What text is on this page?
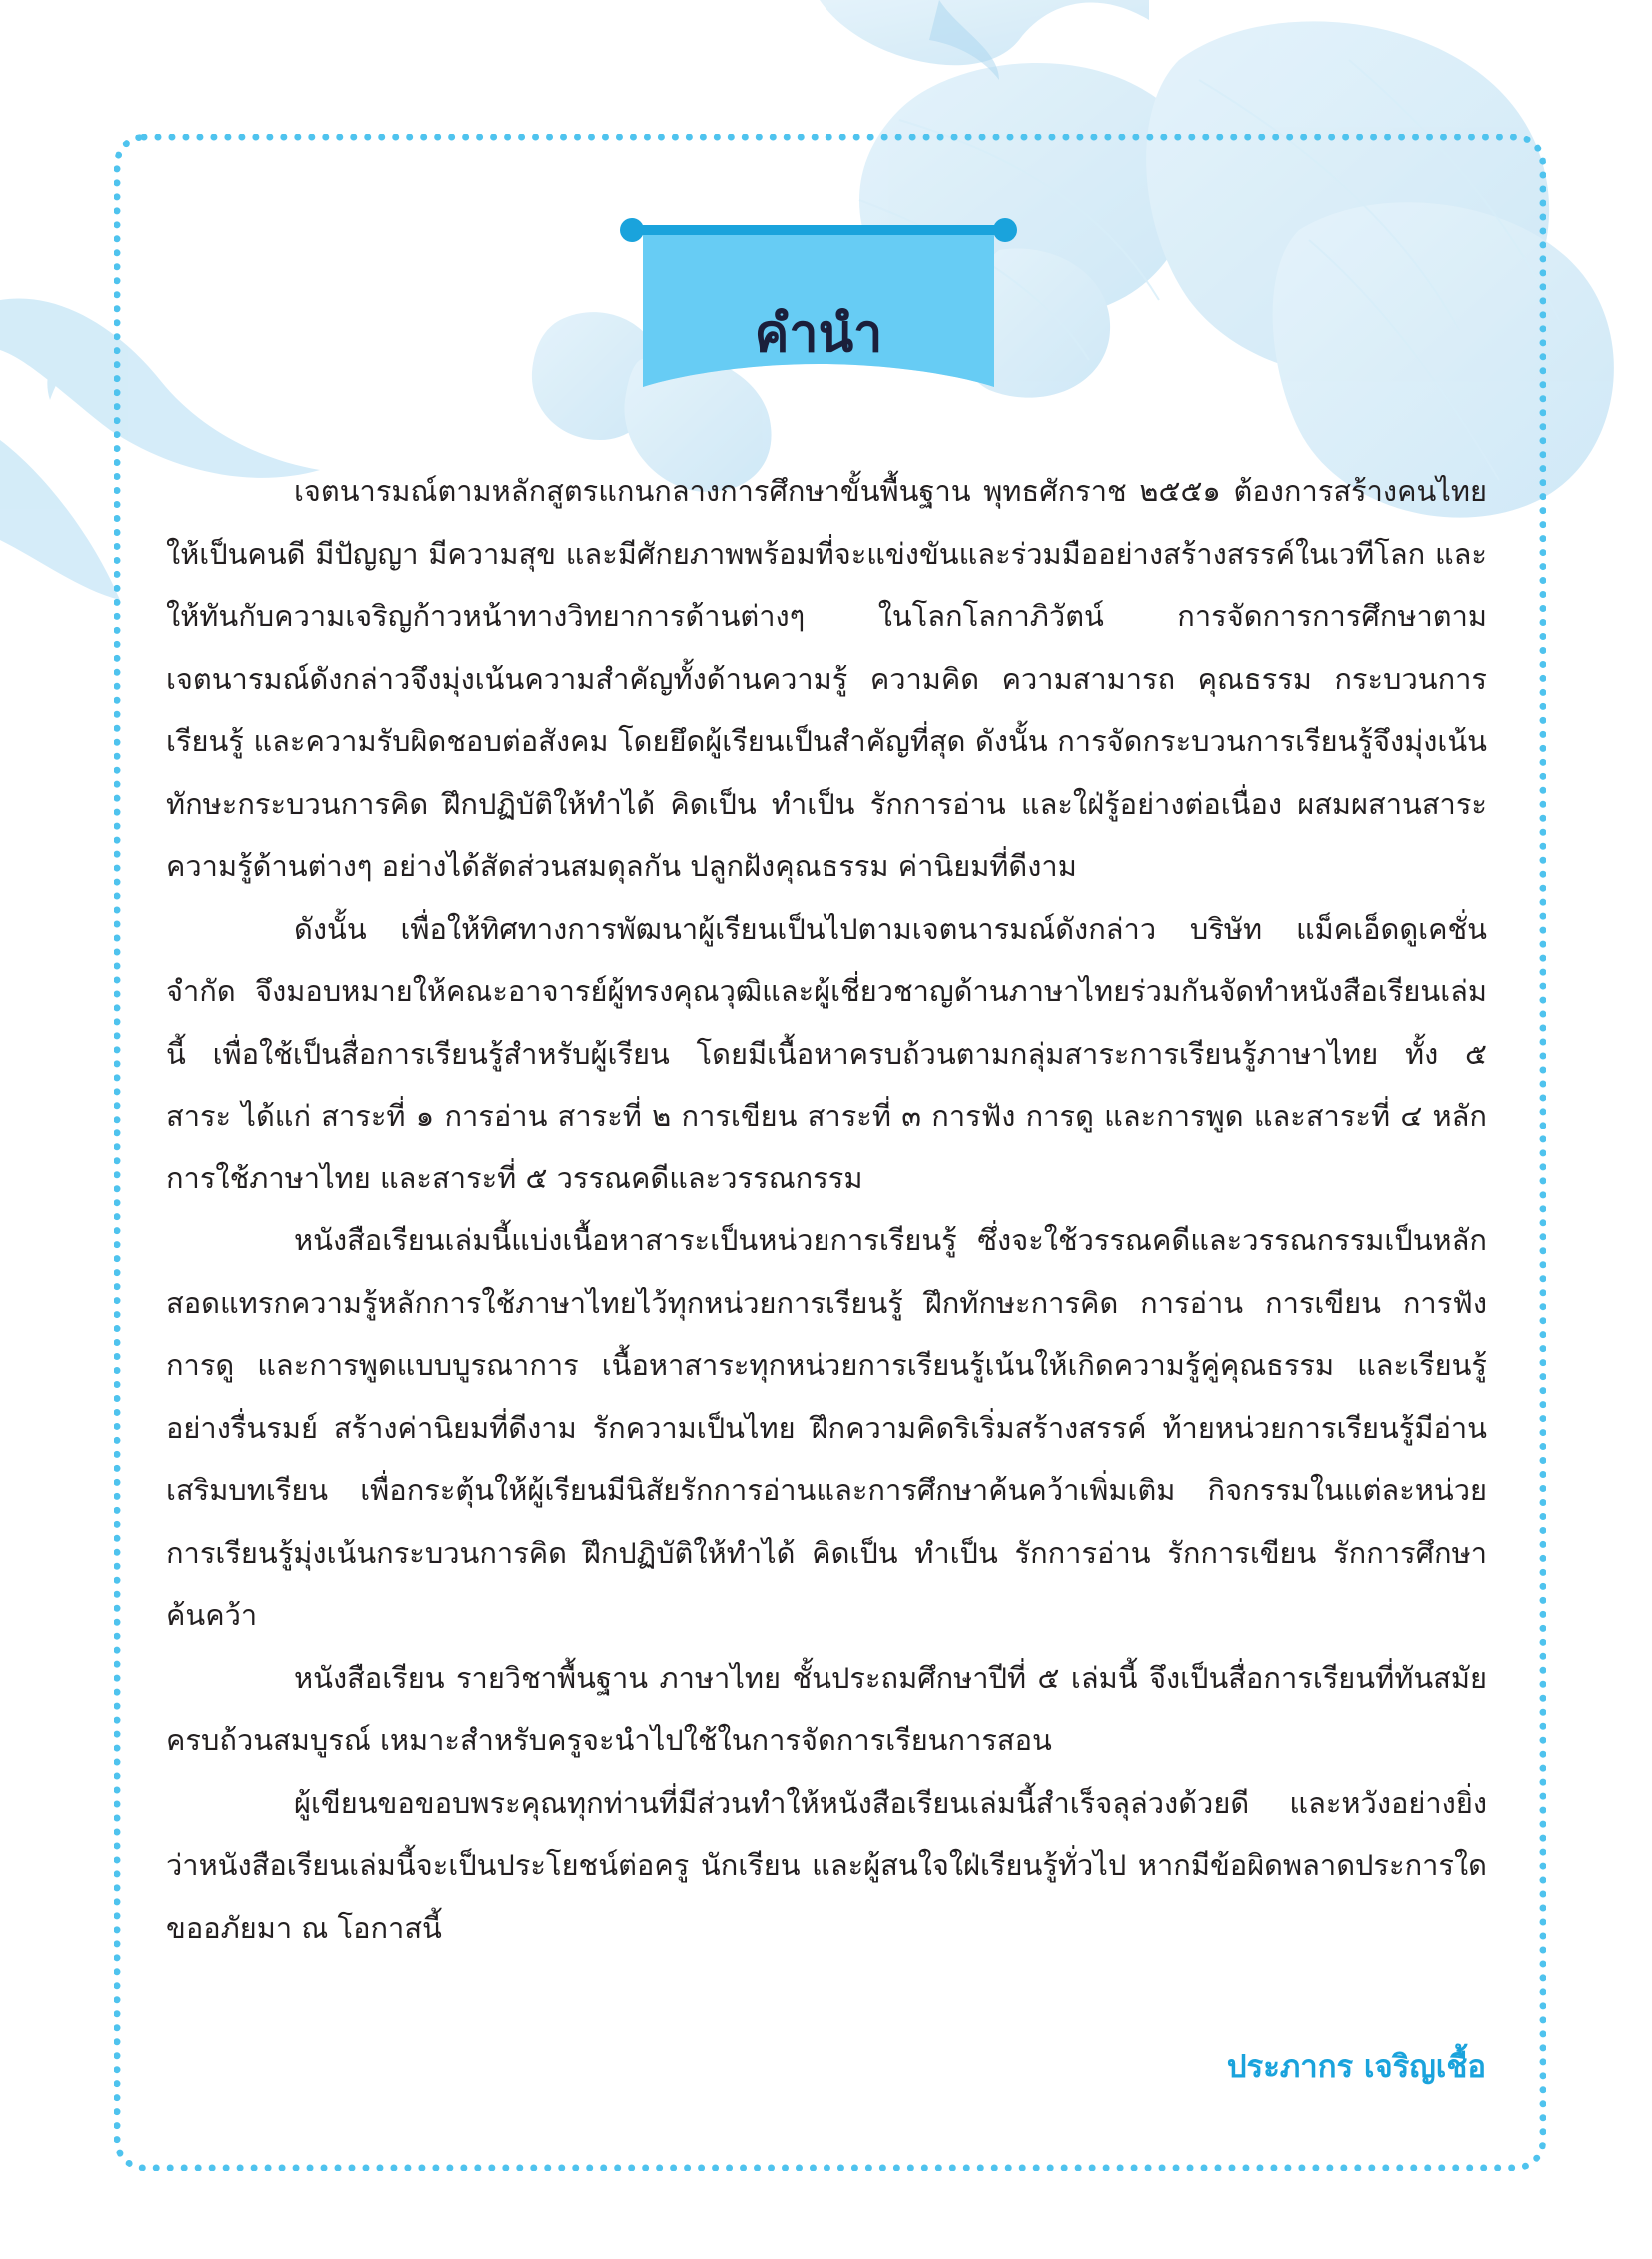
คำนำ

เจตนารมณ์ตามหลักสูตรแกนกลางการศึกษาขั้นพื้นฐาน พุทธศักราช ๒๕๕๑ ต้องการสร้างคนไทยให้เป็นคนดี มีปัญญา มีความสุข และมีศักยภาพพร้อมที่จะแข่งขันและร่วมมืออย่างสร้างสรรค์ในเวทีโลก และให้ทันกับความเจริญก้าวหน้าทางวิทยาการด้านต่างๆ ในโลกโลกาภิวัตน์ การจัดการการศึกษาตามเจตนารมณ์ดังกล่าวจึงมุ่งเน้นความสำคัญทั้งด้านความรู้ ความคิด ความสามารถ คุณธรรม กระบวนการเรียนรู้ และความรับผิดชอบต่อสังคม โดยยึดผู้เรียนเป็นสำคัญที่สุด ดังนั้น การจัดกระบวนการเรียนรู้จึงมุ่งเน้นทักษะกระบวนการคิด ฝึกปฏิบัติให้ทำได้ คิดเป็น ทำเป็น รักการอ่าน และใฝ่รู้อย่างต่อเนื่อง ผสมผสานสาระความรู้ด้านต่างๆ อย่างได้สัดส่วนสมดุลกัน ปลูกฝังคุณธรรม ค่านิยมที่ดีงาม

ดังนั้น เพื่อให้ทิศทางการพัฒนาผู้เรียนเป็นไปตามเจตนารมณ์ดังกล่าว บริษัท แม็คเอ็ดดูเคชั่น จำกัด จึงมอบหมายให้คณะอาจารย์ผู้ทรงคุณวุฒิและผู้เชี่ยวชาญด้านภาษาไทยร่วมกันจัดทำหนังสือเรียนเล่มนี้ เพื่อใช้เป็นสื่อการเรียนรู้สำหรับผู้เรียน โดยมีเนื้อหาครบถ้วนตามกลุ่มสาระการเรียนรู้ภาษาไทย ทั้ง ๕ สาระ ได้แก่ สาระที่ ๑ การอ่าน สาระที่ ๒ การเขียน สาระที่ ๓ การฟัง การดู และการพูด และสาระที่ ๔ หลักการใช้ภาษาไทย และสาระที่ ๕ วรรณคดีและวรรณกรรม

หนังสือเรียนเล่มนี้แบ่งเนื้อหาสาระเป็นหน่วยการเรียนรู้ ซึ่งจะใช้วรรณคดีและวรรณกรรมเป็นหลัก สอดแทรกความรู้หลักการใช้ภาษาไทยไว้ทุกหน่วยการเรียนรู้ ฝึกทักษะการคิด การอ่าน การเขียน การฟัง การดู และการพูดแบบบูรณาการ เนื้อหาสาระทุกหน่วยการเรียนรู้เน้นให้เกิดความรู้คู่คุณธรรม และเรียนรู้อย่างรื่นรมย์ สร้างค่านิยมที่ดีงาม รักความเป็นไทย ฝึกความคิดริเริ่มสร้างสรรค์ ท้ายหน่วยการเรียนรู้มีอ่านเสริมบทเรียน เพื่อกระตุ้นให้ผู้เรียนมีนิสัยรักการอ่านและการศึกษาค้นคว้าเพิ่มเติม กิจกรรมในแต่ละหน่วยการเรียนรู้มุ่งเน้นกระบวนการคิด ฝึกปฏิบัติให้ทำได้ คิดเป็น ทำเป็น รักการอ่าน รักการเขียน รักการศึกษาค้นคว้า

หนังสือเรียน รายวิชาพื้นฐาน ภาษาไทย ชั้นประถมศึกษาปีที่ ๕ เล่มนี้ จึงเป็นสื่อการเรียนที่ทันสมัยครบถ้วนสมบูรณ์ เหมาะสำหรับครูจะนำไปใช้ในการจัดการเรียนการสอน

ผู้เขียนขอขอบพระคุณทุกท่านที่มีส่วนทำให้หนังสือเรียนเล่มนี้สำเร็จลุล่วงด้วยดี และหวังอย่างยิ่งว่าหนังสือเรียนเล่มนี้จะเป็นประโยชน์ต่อครู นักเรียน และผู้สนใจใฝ่เรียนรู้ทั่วไป หากมีข้อผิดพลาดประการใด ขออภัยมา ณ โอกาสนี้

ประภากร เจริญเชื้อ
